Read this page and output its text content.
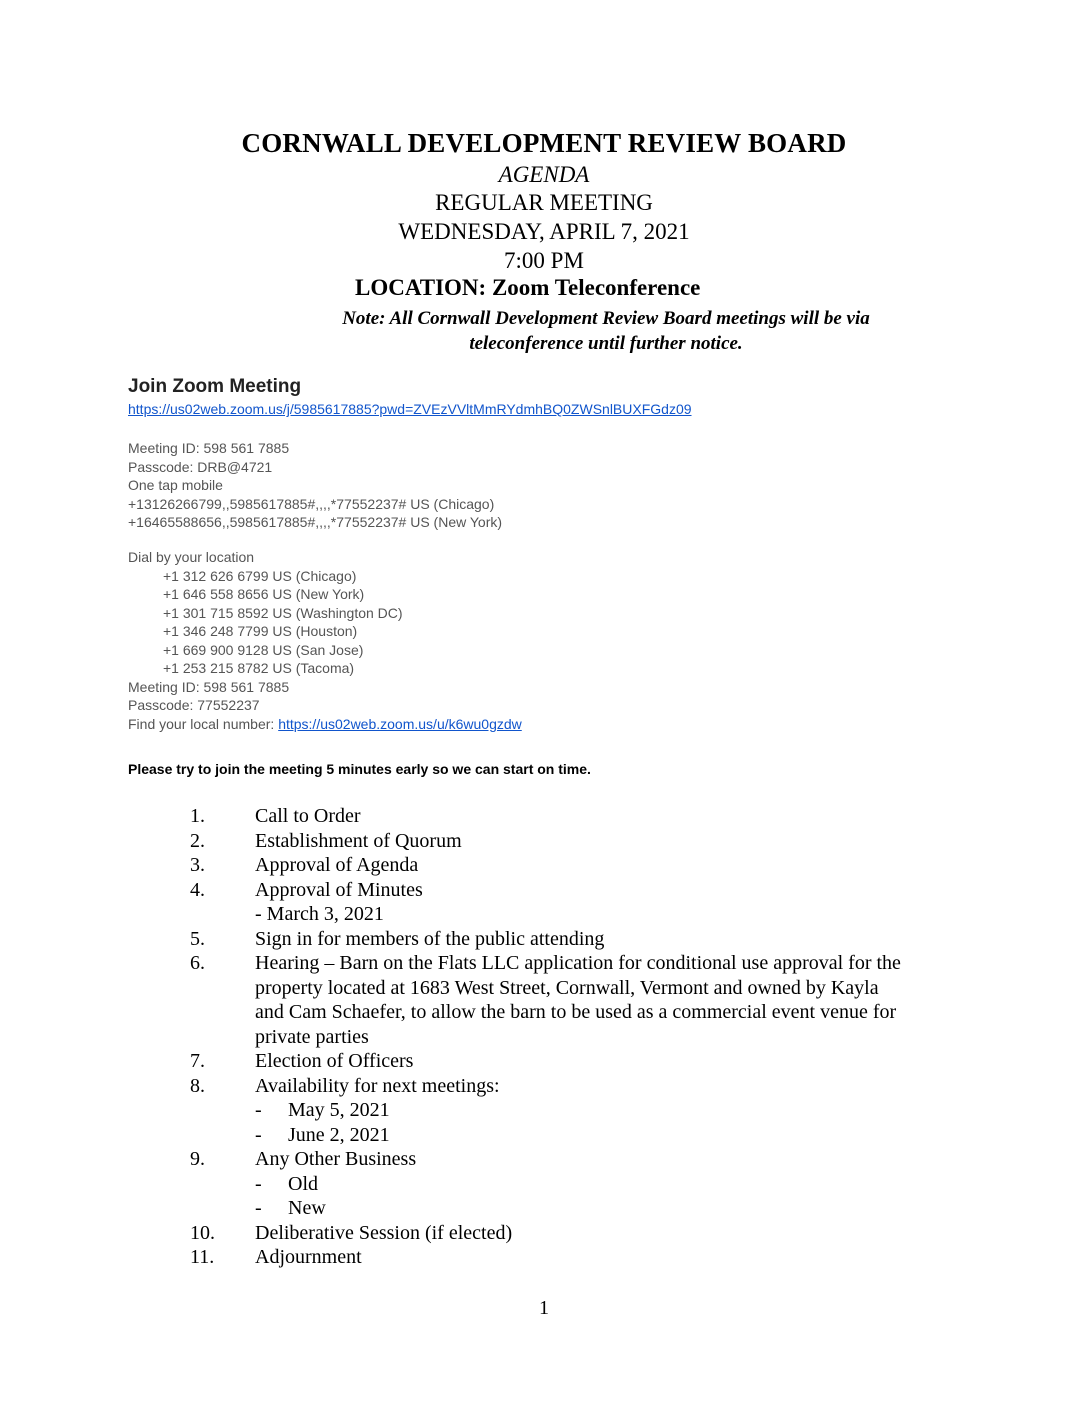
CORNWALL DEVELOPMENT REVIEW BOARD
AGENDA
REGULAR MEETING
WEDNESDAY, APRIL 7, 2021
7:00 PM
LOCATION: Zoom Teleconference
Note: All Cornwall Development Review Board meetings will be via
teleconference until further notice.
Join Zoom Meeting
https://us02web.zoom.us/j/5985617885?pwd=ZVEzVVltMmRYdmhBQ0ZWSnlBUXFGdz09
Meeting ID: 598 561 7885
Passcode: DRB@4721
One tap mobile
+13126266799,,5985617885#,,,,*77552237# US (Chicago)
+16465588656,,5985617885#,,,,*77552237# US (New York)
Dial by your location
+1 312 626 6799 US (Chicago)
+1 646 558 8656 US (New York)
+1 301 715 8592 US (Washington DC)
+1 346 248 7799 US (Houston)
+1 669 900 9128 US (San Jose)
+1 253 215 8782 US (Tacoma)
Meeting ID: 598 561 7885
Passcode: 77552237
Find your local number: https://us02web.zoom.us/u/k6wu0gzdw
Please try to join the meeting 5 minutes early so we can start on time.
1.	Call to Order
2.	Establishment of Quorum
3.	Approval of Agenda
4.	Approval of Minutes
- March 3, 2021
5.	Sign in for members of the public attending
6.	Hearing – Barn on the Flats LLC application for conditional use approval for the
property located at 1683 West Street, Cornwall, Vermont and owned by Kayla
and Cam Schaefer, to allow the barn to be used as a commercial event venue for
private parties
7.	Election of Officers
8.	Availability for next meetings:
- May 5, 2021
- June 2, 2021
9.	Any Other Business
- Old
- New
10.	Deliberative Session (if elected)
11.	Adjournment
1
